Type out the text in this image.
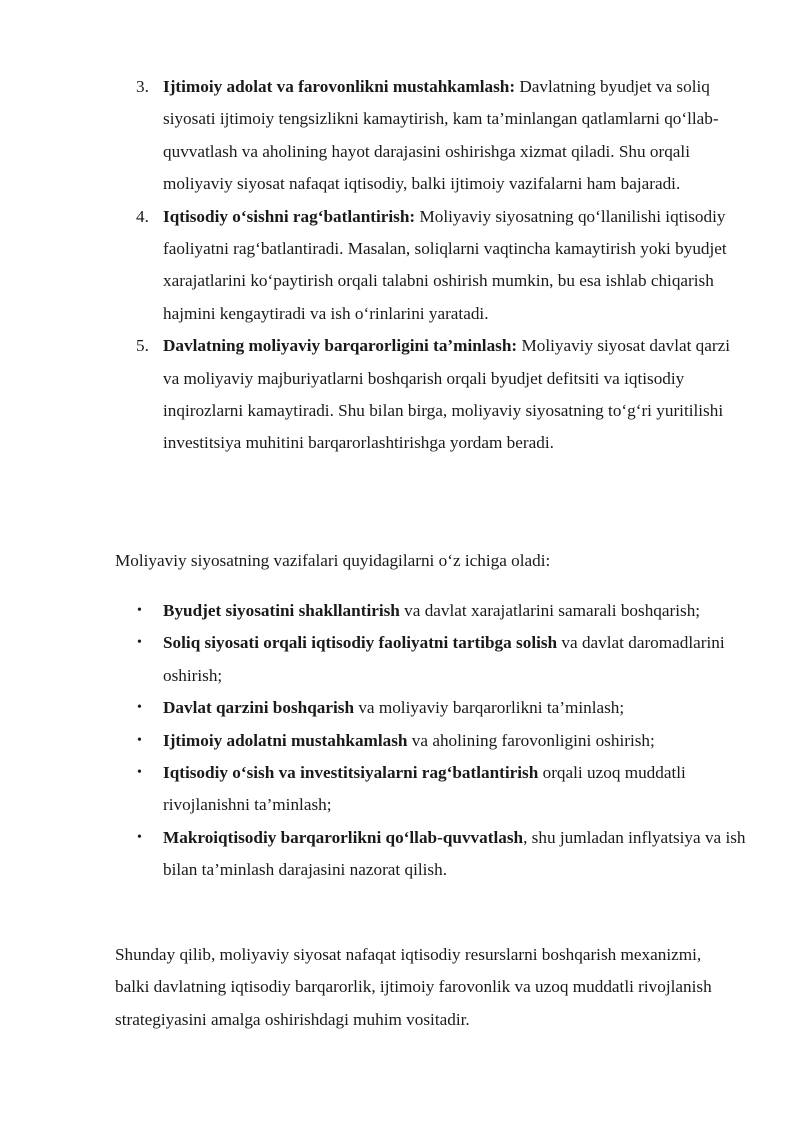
3. Ijtimoiy adolat va farovonlikni mustahkamlash: Davlatning byudjet va soliq siyosati ijtimoiy tengsizlikni kamaytirish, kam ta’minlangan qatlamlarni qo‘llab-quvvatlash va aholining hayot darajasini oshirishga xizmat qiladi. Shu orqali moliyaviy siyosat nafaqat iqtisodiy, balki ijtimoiy vazifalarni ham bajaradi.
4. Iqtisodiy o‘sishni rag‘batlantirish: Moliyaviy siyosatning qo‘llanilishi iqtisodiy faoliyatni rag‘batlantiradi. Masalan, soliqlarni vaqtincha kamaytirish yoki byudjet xarajatlarini ko‘paytirish orqali talabni oshirish mumkin, bu esa ishlab chiqarish hajmini kengaytiradi va ish o‘rinlarini yaratadi.
5. Davlatning moliyaviy barqarorligini ta’minlash: Moliyaviy siyosat davlat qarzi va moliyaviy majburiyatlarni boshqarish orqali byudjet defitsiti va iqtisodiy inqirozlarni kamaytiradi. Shu bilan birga, moliyaviy siyosatning to‘g‘ri yuritilishi investitsiya muhitini barqarorlashtirishga yordam beradi.

Moliyaviy siyosatning vazifalari quyidagilarni o‘z ichiga oladi:

• Byudjet siyosatini shakllantirish va davlat xarajatlarini samarali boshqarish;
• Soliq siyosati orqali iqtisodiy faoliyatni tartibga solish va davlat daromadlarini oshirish;
• Davlat qarzini boshqarish va moliyaviy barqarorlikni ta’minlash;
• Ijtimoiy adolatni mustahkamlash va aholining farovonligini oshirish;
• Iqtisodiy o‘sish va investitsiyalarni rag‘batlantirish orqali uzoq muddatli rivojlanishni ta’minlash;
• Makroiqtisodiy barqarorlikni qo‘llab-quvvatlash, shu jumladan inflyatsiya va ish bilan ta’minlash darajasini nazorat qilish.

Shunday qilib, moliyaviy siyosat nafaqat iqtisodiy resurslarni boshqarish mexanizmi, balki davlatning iqtisodiy barqarorlik, ijtimoiy farovonlik va uzoq muddatli rivojlanish strategiyasini amalga oshirishdagi muhim vositadir.
